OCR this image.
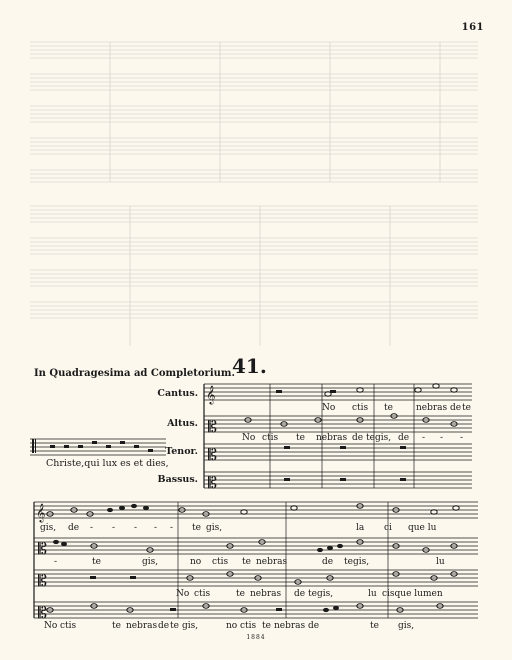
161
41.
In Quadragesima ad Completorium.
Cantus.
Altus.
Tenor.
Bassus.
Christe,qui lux es et dies,
𝄞
𝄡
𝄡
𝄡
No ctis te	nebras de te
No ctis te nebras de tegis, de - - -
𝄞
𝄡
𝄡
𝄡
gis, de - - - - - te gis,	la ci que lu
-	te	gis,	no ctis te nebras	de tegis,	lu
No ctis	te nebras de tegis,	lu cisque lumen
No ctis	te nebras de te gis,	no ctis te nebras de	te gis,
1884
